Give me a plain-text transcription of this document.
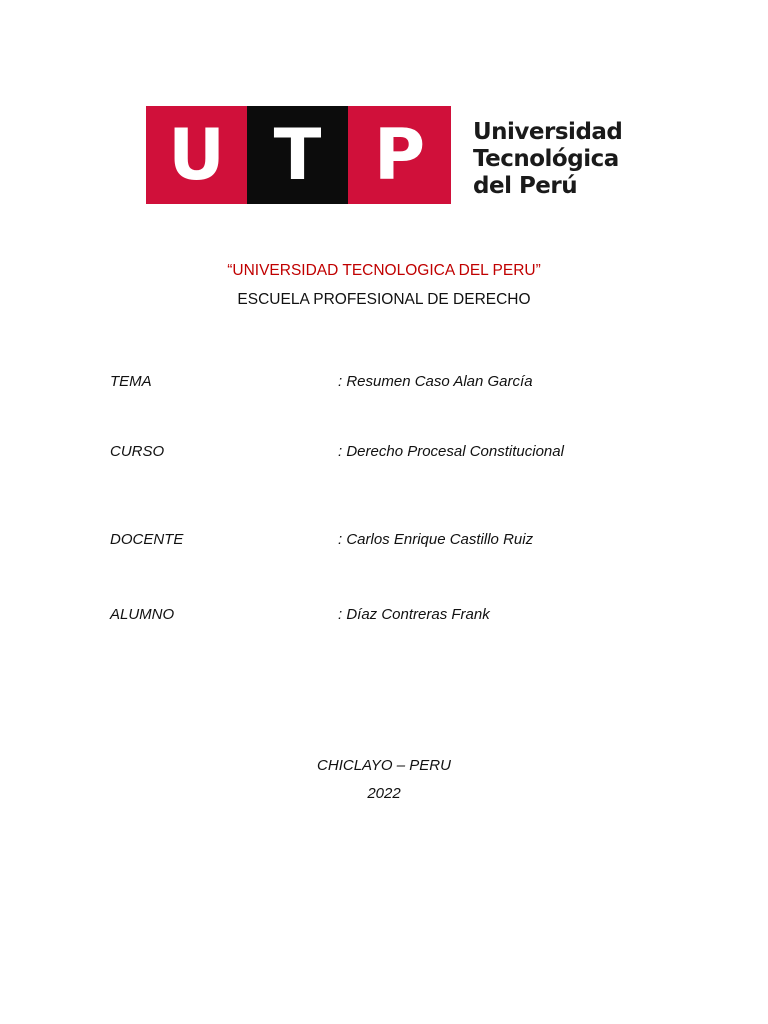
U T P	Universidad
Tecnológica
del Perú
“UNIVERSIDAD TECNOLOGICA DEL PERU”
ESCUELA PROFESIONAL DE DERECHO
TEMA	: Resumen Caso Alan García
CURSO	: Derecho Procesal Constitucional
DOCENTE	: Carlos Enrique Castillo Ruiz
ALUMNO	: Díaz Contreras Frank
CHICLAYO – PERU
2022
